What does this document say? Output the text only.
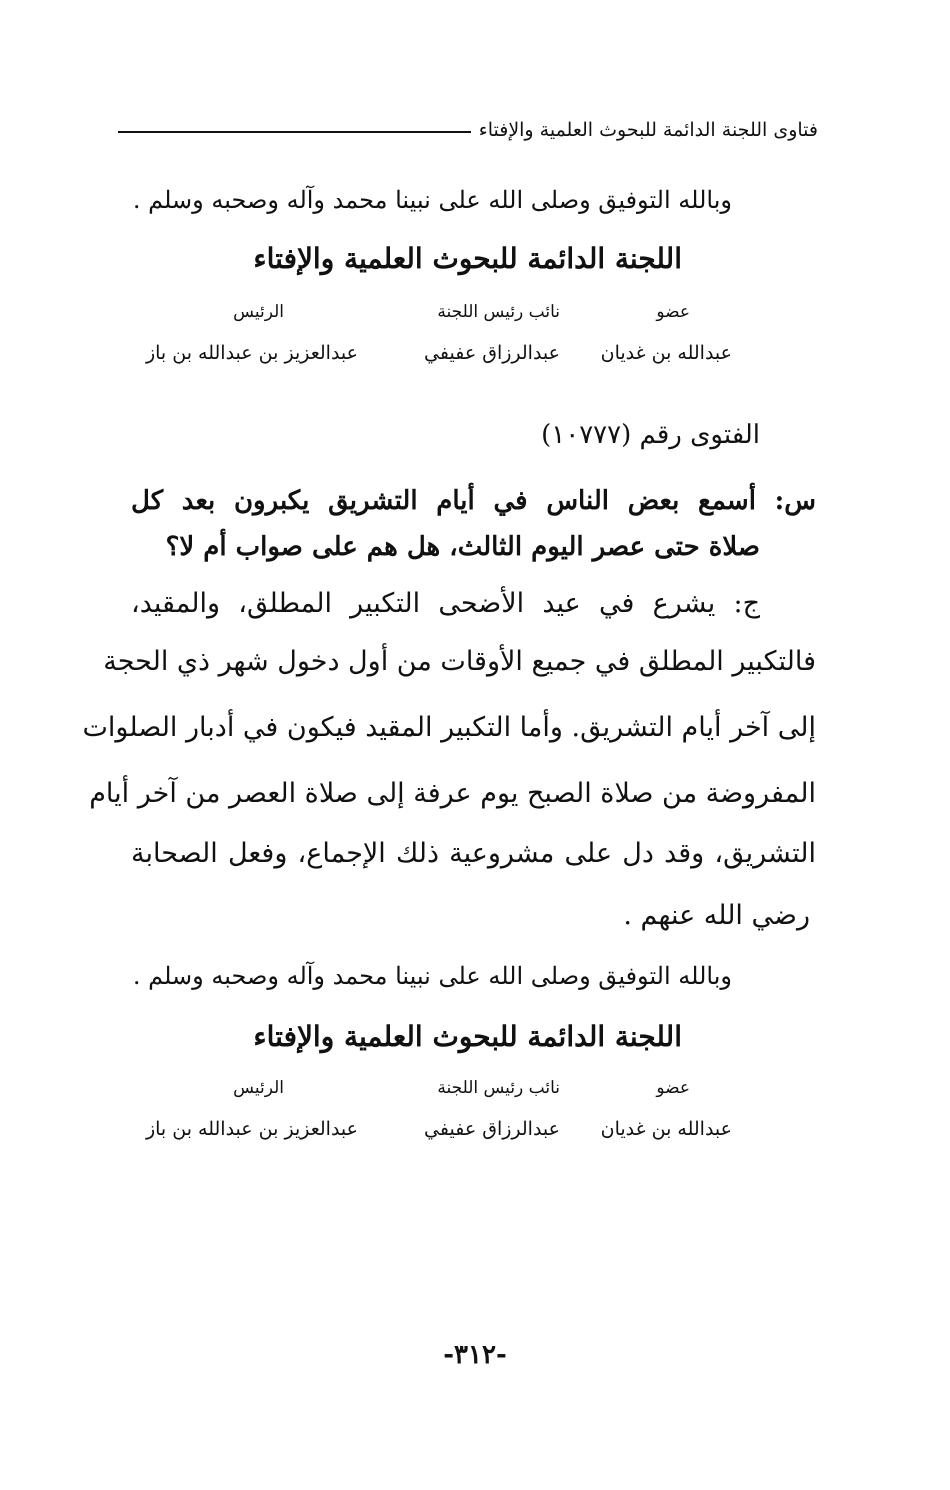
فتاوى اللجنة الدائمة للبحوث العلمية والإفتاء
وبالله التوفيق وصلى الله على نبينا محمد وآله وصحبه وسلم .
اللجنة الدائمة للبحوث العلمية والإفتاء
عضو
نائب رئيس اللجنة
الرئيس
عبدالله بن غديان
عبدالرزاق عفيفي
عبدالعزيز بن عبدالله بن باز
الفتوى رقم (١٠٧٧٧)
س: أسمع بعض الناس في أيام التشريق يكبرون بعد كل
صلاة حتى عصر اليوم الثالث، هل هم على صواب أم لا؟
ج: يشرع في عيد الأضحى التكبير المطلق، والمقيد،
فالتكبير المطلق في جميع الأوقات من أول دخول شهر ذي الحجة
إلى آخر أيام التشريق. وأما التكبير المقيد فيكون في أدبار الصلوات
المفروضة من صلاة الصبح يوم عرفة إلى صلاة العصر من آخر أيام
التشريق، وقد دل على مشروعية ذلك الإجماع، وفعل الصحابة
رضي الله عنهم .
وبالله التوفيق وصلى الله على نبينا محمد وآله وصحبه وسلم .
اللجنة الدائمة للبحوث العلمية والإفتاء
عضو
نائب رئيس اللجنة
الرئيس
عبدالله بن غديان
عبدالرزاق عفيفي
عبدالعزيز بن عبدالله بن باز
-٣١٢-
